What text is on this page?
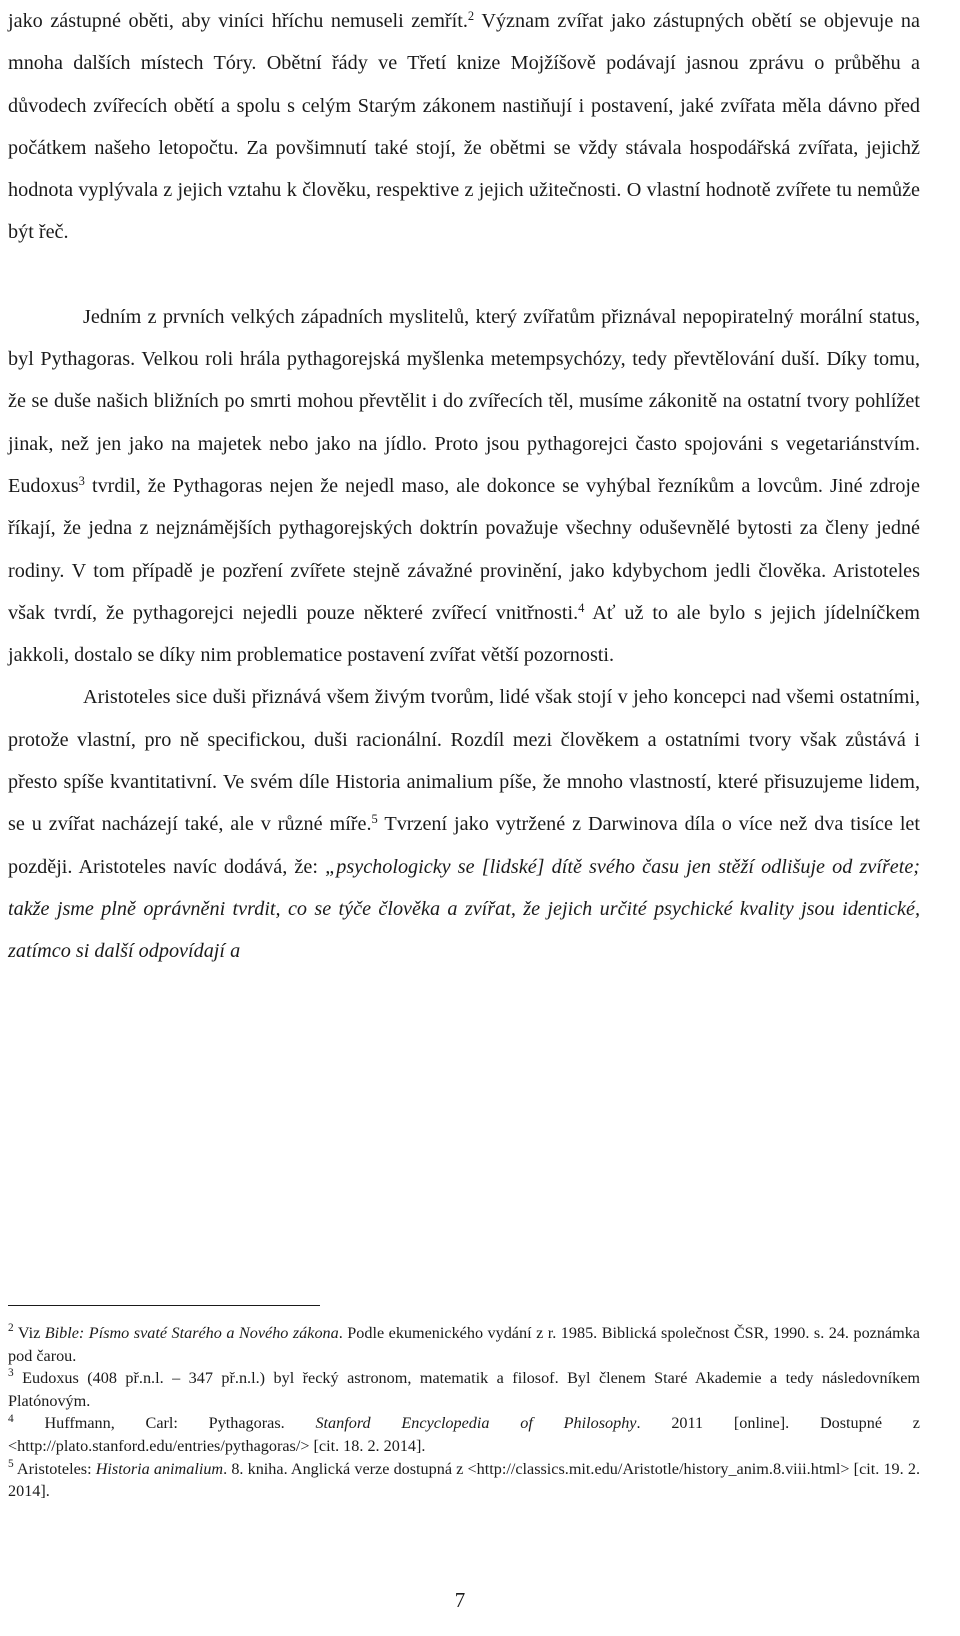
jako zástupné oběti, aby viníci hříchu nemuseli zemřít.$^2$ Význam zvířat jako zástupných obětí se objevuje na mnoha dalších místech Tóry. Obětní řády ve Třetí knize Mojžíšově podávají jasnou zprávu o průběhu a důvodech zvířecích obětí a spolu s celým Starým zákonem nastiňují i postavení, jaké zvířata měla dávno před počátkem našeho letopočtu. Za povšimnutí také stojí, že obětmi se vždy stávala hospodářská zvířata, jejichž hodnota vyplývala z jejich vztahu k člověku, respektive z jejich užitečnosti. O vlastní hodnotě zvířete tu nemůže být řeč.

Jedním z prvních velkých západních myslitelů, který zvířatům přiznával nepopiratelný morální status, byl Pythagoras. Velkou roli hrála pythagorejská myšlenka metempsychózy, tedy převtělování duší. Díky tomu, že se duše našich bližních po smrti mohou převtělit i do zvířecích těl, musíme zákonitě na ostatní tvory pohlížet jinak, než jen jako na majetek nebo jako na jídlo. Proto jsou pythagorejci často spojováni s vegetariánstvím. Eudoxus$^3$ tvrdil, že Pythagoras nejen že nejedl maso, ale dokonce se vyhýbal řezníkům a lovcům. Jiné zdroje říkají, že jedna z nejznámějších pythagorejských doktrín považuje všechny oduševnělé bytosti za členy jedné rodiny. V tom případě je pozření zvířete stejně závažné provinění, jako kdybychom jedli člověka. Aristoteles však tvrdí, že pythagorejci nejedli pouze některé zvířecí vnitřnosti.$^4$ Ať už to ale bylo s jejich jídelníčkem jakkoli, dostalo se díky nim problematice postavení zvířat větší pozornosti.

Aristoteles sice duši přiznává všem živým tvorům, lidé však stojí v jeho koncepci nad všemi ostatními, protože vlastní, pro ně specifickou, duši racionální. Rozdíl mezi člověkem a ostatními tvory však zůstává i přesto spíše kvantitativní. Ve svém díle Historia animalium píše, že mnoho vlastností, které přisuzujeme lidem, se u zvířat nacházejí také, ale v různé míře.$^5$ Tvrzení jako vytržené z Darwinova díla o více než dva tisíce let později. Aristoteles navíc dodává, že: „psychologicky se [lidské] dítě svého času jen stěží odlišuje od zvířete; takže jsme plně oprávněni tvrdit, co se týče člověka a zvířat, že jejich určité psychické kvality jsou identické, zatímco si další odpovídají a

$^2$ Viz Bible: Písmo svaté Starého a Nového zákona. Podle ekumenického vydání z r. 1985. Biblická společnost ČSR, 1990. s. 24. poznámka pod čarou.

$^3$ Eudoxus (408 př.n.l. – 347 př.n.l.) byl řecký astronom, matematik a filosof. Byl členem Staré Akademie a tedy následovníkem Platónovým.

$^4$ Huffmann, Carl: Pythagoras. Stanford Encyclopedia of Philosophy. 2011 [online]. Dostupné z <http://plato.stanford.edu/entries/pythagoras/> [cit. 18. 2. 2014].

$^5$ Aristoteles: Historia animalium. 8. kniha. Anglická verze dostupná z <http://classics.mit.edu/Aristotle/history_anim.8.viii.html> [cit. 19. 2. 2014].

7
